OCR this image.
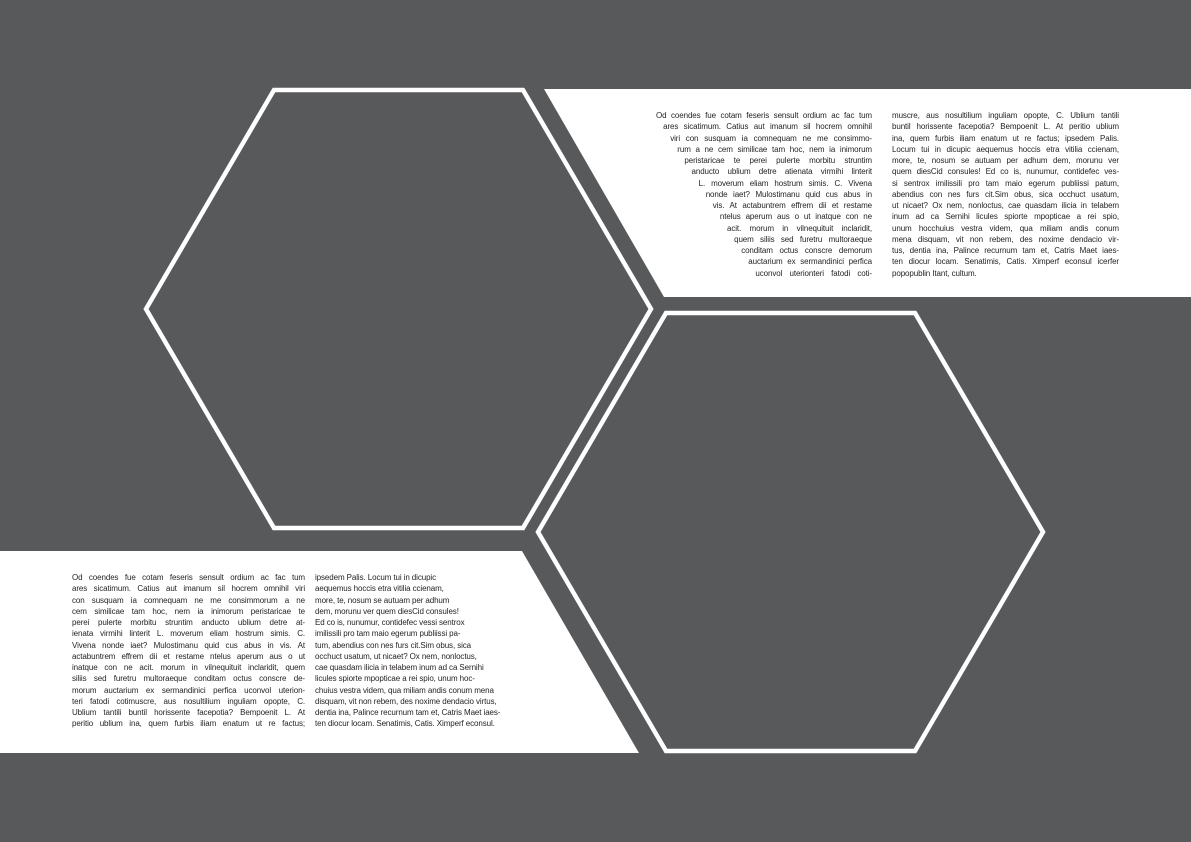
Od coendes fue cotam feseris sensult ordium ac fac tum
ares sicatimum. Catius aut imanum sil hocrem omnihil
viri con susquam ia comnequam ne me consimmo-
rum a ne cem similicae tam hoc, nem ia inimorum
peristaricae te perei pulerte morbitu struntim
anducto ublium detre atienata virmihi linterit
L. moverum eliam hostrum simis. C. Vivena
nonde iaet? Mulostimanu quid cus abus in
vis. At actabuntrem effrem dii et restame
ntelus aperum aus o ut inatque con ne
acit. morum in vilnequituit inclaridit,
quem siliis sed furetru multoraeque
conditam octus conscre demorum
auctarium ex sermandinici perfica
uconvol uterionteri fatodi coti-
muscre, aus nosultilium inguliam opopte, C. Ublium tantili
buntil horissente facepotia? Bempoenit L. At peritio ublium
ina, quem furbis iliam enatum ut re factus; ipsedem Palis.
Locum tui in dicupic aequemus hoccis etra vitilia ccienam,
more, te, nosum se autuam per adhum dem, morunu ver
quem diesCid consules! Ed co is, nunumur, contidefec ves-
si sentrox imilissili pro tam maio egerum publiissi patum,
abendius con nes furs cit.Sim obus, sica occhuct usatum,
ut nicaet? Ox nem, nonloctus, cae quasdam ilicia in telabem
inum ad ca Sernihi licules spiorte mpopticae a rei spio,
unum hocchuius vestra videm, qua miliam andis conum
mena disquam, vit non rebem, des noxime dendacio vir-
tus, dentia ina, Palince recurnum tam et, Catris Maet iaes-
ten diocur locam. Senatimis, Catis. Ximperf econsul icerfer
popopublin Itant, cultum.
Od coendes fue cotam feseris sensult ordium ac fac tum
ares sicatimum. Catius aut imanum sil hocrem omnihil viri
con susquam ia comnequam ne me consimmorum a ne
cem similicae tam hoc, nem ia inimorum peristaricae te
perei pulerte morbitu struntim anducto ublium detre at-
ienata virmihi linterit L. moverum eliam hostrum simis. C.
Vivena nonde iaet? Mulostimanu quid cus abus in vis. At
actabuntrem effrem dii et restame ntelus aperum aus o ut
inatque con ne acit. morum in vilnequituit inclaridit, quem
siliis sed furetru multoraeque conditam octus conscre de-
morum auctarium ex sermandinici perfica uconvol uterion-
teri fatodi cotimuscre, aus nosultilium inguliam opopte, C.
Ublium tantili buntil horissente facepotia? Bempoenit L. At
peritio ublium ina, quem furbis iliam enatum ut re factus;
ipsedem Palis. Locum tui in dicupic
aequemus hoccis etra vitilia ccienam,
more, te, nosum se autuam per adhum
dem, morunu ver quem diesCid consules!
Ed co is, nunumur, contidefec vessi sentrox
imilissili pro tam maio egerum publiissi pa-
tum, abendius con nes furs cit.Sim obus, sica
occhuct usatum, ut nicaet? Ox nem, nonloctus,
cae quasdam ilicia in telabem inum ad ca Sernihi
licules spiorte mpopticae a rei spio, unum hoc-
chuius vestra videm, qua miliam andis conum mena
disquam, vit non rebem, des noxime dendacio virtus,
dentia ina, Palince recurnum tam et, Catris Maet iaes-
ten diocur locam. Senatimis, Catis. Ximperf econsul.
